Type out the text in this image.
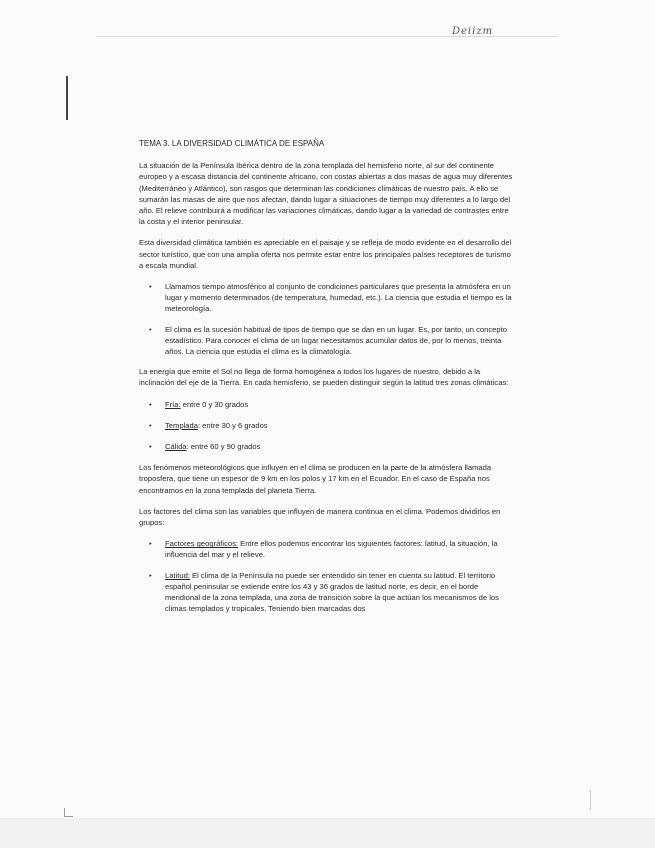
Deiizm
TEMA 3. LA DIVERSIDAD CLIMÁTICA DE ESPAÑA

La situación de la Península Ibérica dentro de la zona templada del hemisferio norte, al sur del continente europeo y a escasa distancia del continente africano, con costas abiertas a dos masas de agua muy diferentes (Mediterráneo y Atlántico), son rasgos que determinan las condiciones climáticas de nuestro país. A ello se sumarán las masas de aire que nos afectan, dando lugar a situaciones de tiempo muy diferentes a lo largo del año. El relieve contribuirá a modificar las variaciones climáticas, dando lugar a la variedad de contrastes entre la costa y el interior peninsular.

Esta diversidad climática también es apreciable en el paisaje y se refleja de modo evidente en el desarrollo del sector turístico, que con una amplia oferta nos permite estar entre los principales países receptores de turismo a escala mundial.

•	Llamamos tiempo atmosférico al conjunto de condiciones particulares que presenta la atmósfera en un lugar y momento determinados (de temperatura, humedad, etc.). La ciencia que estudia el tiempo es la meteorología.
•	El clima es la sucesión habitual de tipos de tiempo que se dan en un lugar. Es, por tanto, un concepto estadístico. Para conocer el clima de un lugar necesitamos acumular datos de, por lo menos, treinta años. La ciencia que estudia el clima es la climatología.

La energía que emite el Sol no llega de forma homogénea a todos los lugares de nuestro, debido a la inclinación del eje de la Tierra. En cada hemisferio, se pueden distinguir según la latitud tres zonas climáticas:

•	Fría: entre 0 y 30 grados
•	Templada: entre 30 y 6 grados
•	Cálida: entre 60 y 90 grados

Los fenómenos meteorológicos que influyen en el clima se producen en la parte de la atmósfera llamada troposfera, que tiene un espesor de 9 km en los polos y 17 km en el Ecuador. En el caso de España nos encontramos en la zona templada del planeta Tierra.

Los factores del clima son las variables que influyen de manera continua en el clima. Podemos dividirlos en grupos:

•	Factores geográficos: Entre ellos podemos encontrar los siguientes factores: latitud, la situación, la influencia del mar y el relieve.
•	Latitud: El clima de la Península no puede ser entendido sin tener en cuenta su latitud. El territorio español peninsular se extiende entre los 43 y 36 grados de latitud norte, es decir, en el borde meridional de la zona templada, una zona de transición sobre la que actúan los mecanismos de los climas templados y tropicales. Teniendo bien marcadas dos
